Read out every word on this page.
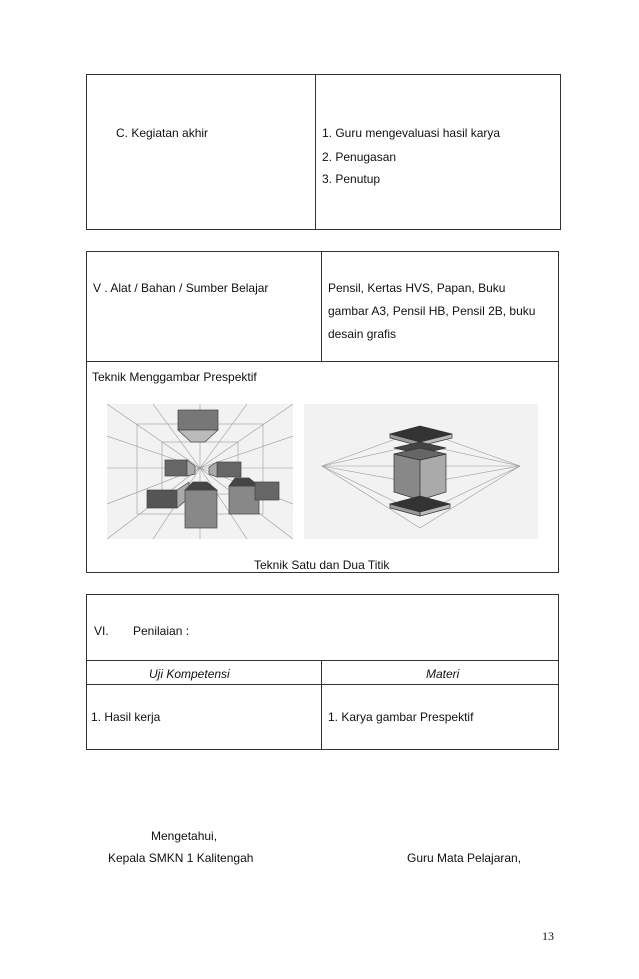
C. Kegiatan akhir	1. Guru mengevaluasi hasil karya
2. Penugasan
3. Penutup
V . Alat / Bahan / Sumber Belajar	Pensil, Kertas HVS, Papan, Buku
gambar A3, Pensil HB, Pensil 2B, buku
desain grafis
Teknik Menggambar Prespektif
Teknik Satu dan Dua Titik
VI. Penilaian :
Uji Kompetensi	Materi
1. Hasil kerja	1. Karya gambar Prespektif
Mengetahui,
Kepala SMKN 1 Kalitengah	Guru Mata Pelajaran,
13
